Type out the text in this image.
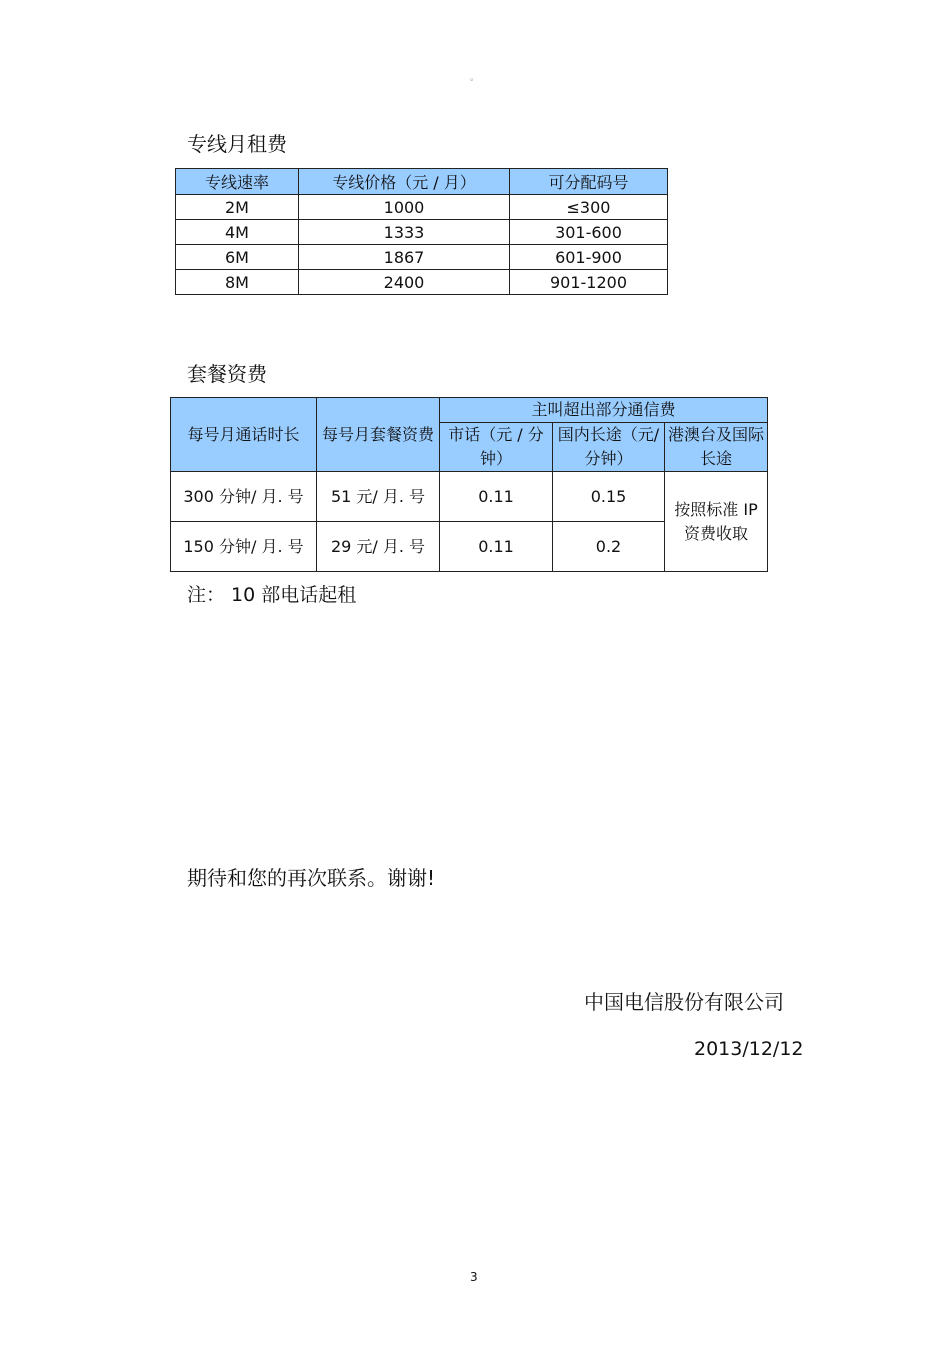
。
专线月租费
专线速率	专线价格（元 / 月）	可分配码号
2M	1000	≤300
4M	1333	301-600
6M	1867	601-900
8M	2400	901-1200
套餐资费
每号月通话时长	每号月套餐资费	主叫超出部分通信费		
		市话（元 / 分钟）	国内长途（元/ 分钟）	港澳台及国际长途
300 分钟/ 月. 号	51 元/ 月. 号	0.11	0.15	按照标准 IP 资费收取
150 分钟/ 月. 号	29 元/ 月. 号	0.11	0.2	
注： 10 部电话起租
期待和您的再次联系。谢谢!
中国电信股份有限公司
2013/12/12
3
